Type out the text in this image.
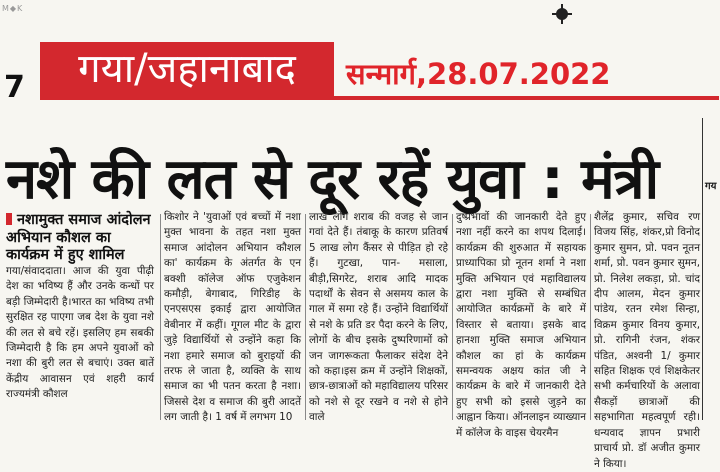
M◆K
7	गया/जहानाबाद	सन्मार्ग,28.07.2022
नशे की लत से दूर रहें युवा : मंत्री
नशामुक्त समाज आंदोलन अभियान कौशल का कार्यक्रम में हुए शामिल
गया/संवाददाता। आज की युवा पीढ़ी देश का भविष्य हैं और उनके कन्धों पर बड़ी जिम्मेदारी है।भारत का भविष्य तभी सुरक्षित रह पाएगा जब देश के युवा नशे की लत से बचे रहें। इसलिए हम सबकी जिम्मेदारी है कि हम अपने युवाओं को नशा की बुरी लत से बचाएं। उक्त बातें केंद्रीय आवासन एवं शहरी कार्य राज्यमंत्री कौशल
किशोर ने 'युवाओं एवं बच्चों में नशा मुक्त भावना के तहत नशा मुक्त समाज आंदोलन अभियान कौशल का' कार्यक्रम के अंतर्गत के एन बक्शी कॉलेज ऑफ एजुकेशन कमौड़ी, बेगाबाद, गिरिडीह के एनएसएस इकाई द्वारा आयोजित वेबीनार में कहीं। गूगल मीट के द्वारा जुड़े विद्यार्थियों से उन्होंने कहा कि नशा हमारे समाज को बुराइयों की तरफ ले जाता है, व्यक्ति के साथ समाज का भी पतन करता है नशा। जिससे देश व समाज की बुरी आदतें लग जाती है। 1 वर्ष में लगभग 10
लाख लोग शराब की वजह से जान गवां देते हैं। तंबाकू के कारण प्रतिवर्ष 5 लाख लोग कैंसर से पीड़ित हो रहे हैं। गुटखा, पान- मसाला, बीड़ी,सिगरेट, शराब आदि मादक पदार्थों के सेवन से असमय काल के गाल में समा रहे हैं। उन्होंने विद्यार्थियों से नशे के प्रति डर पैदा करने के लिए, लोगों के बीच इसके दुष्परिणामों को जन जागरूकता फैलाकर संदेश देने को कहा।इस क्रम में उन्होंने शिक्षकों, छात्र-छात्राओं को महाविद्यालय परिसर को नशे से दूर रखने व नशे से होने वाले
दुष्प्रभावों की जानकारी देते हुए नशा नहीं करने का शपथ दिलाई। कार्यक्रम की शुरुआत में सहायक प्राध्यापिका प्रो नूतन शर्मा ने नशा मुक्ति अभियान एवं महाविद्यालय द्वारा नशा मुक्ति से सम्बंधित आयोजित कार्यक्रमों के बारे में विस्तार से बताया। इसके बाद हानशा मुक्ति समाज अभियान कौशल का हां के कार्यक्रम समन्वयक अक्षय कांत जी ने कार्यक्रम के बारे में जानकारी देते हुए सभी को इससे जुड़ने का आह्वान किया। ऑनलाइन व्याख्यान में कॉलेज के वाइस चेयरमैन
शैलेंद्र कुमार, सचिव रण विजय सिंह, शंकर,प्रो विनोद कुमार सुमन, प्रो. पवन नूतन शर्मा, प्रो. पवन कुमार सुमन, प्रो. निलेश लकड़ा, प्रो. चांद दीप आलम, मेदन कुमार पांडेय, रतन रमेश सिन्हा, विक्रम कुमार विनय कुमार, प्रो. रागिनी रंजन, शंकर पंडित, अश्वनी 1/ कुमार सहित शिक्षक एवं शिक्षकेतर सभी कर्मचारियों के अलावा सैकड़ों छात्राओं की सहभागिता महत्वपूर्ण रही।धन्यवाद ज्ञापन प्रभारी प्राचार्य प्रो. डॉ अजीत कुमार ने किया।
गय
